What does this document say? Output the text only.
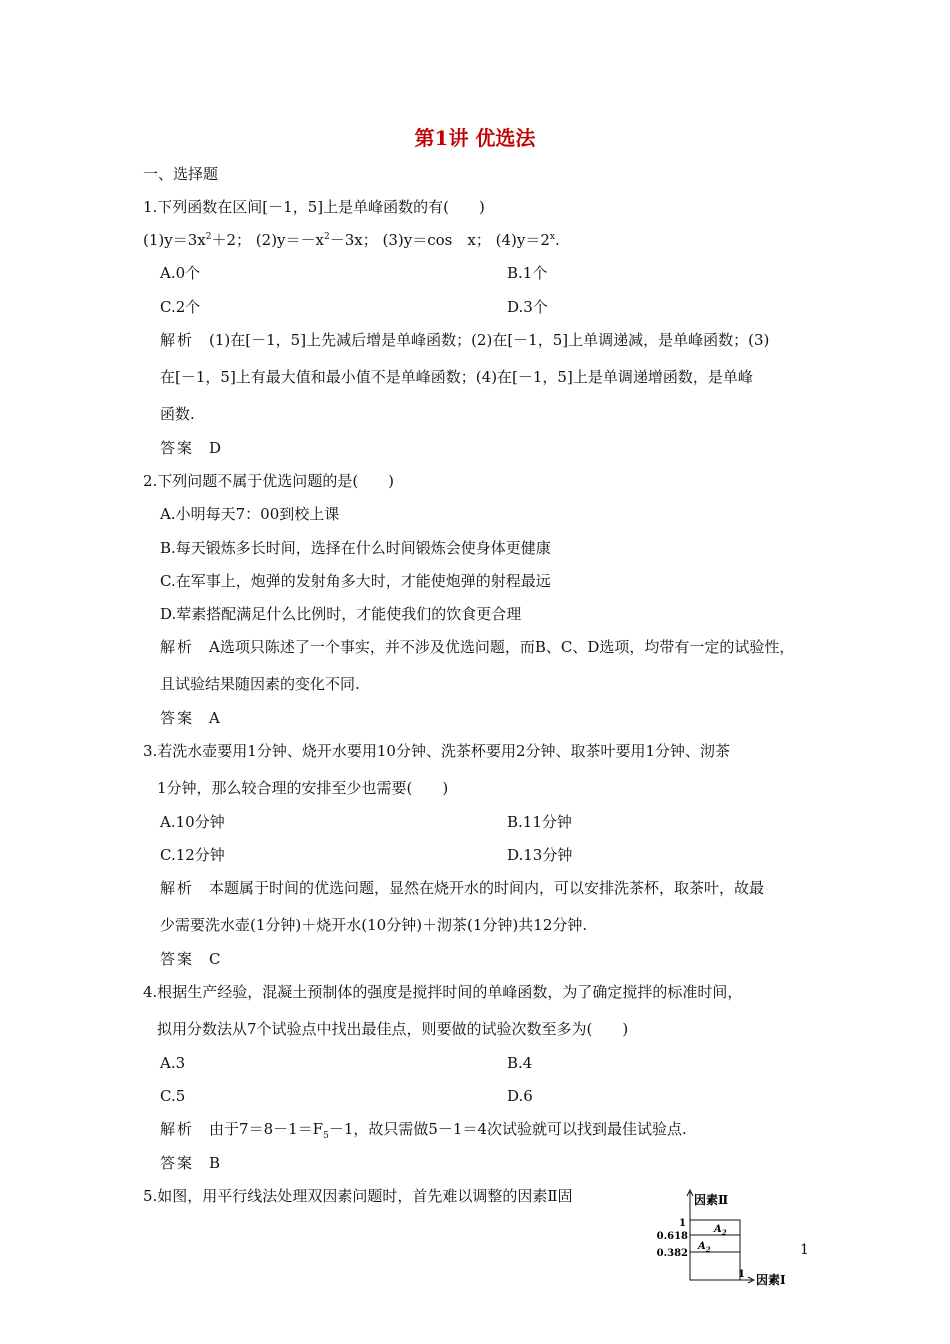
第1讲 优选法
一、选择题
1.下列函数在区间[－1，5]上是单峰函数的有(　　)
$(1)y=3x^2+2$； $(2)y=-x^2-3x$； (3)y＝cos　x； $(4)y=2^x$.
A.0个	B.1个
C.2个	D.3个
解析　 (1)在[－1，5]上先减后增是单峰函数；(2)在[－1，5]上单调递减，是单峰函数；(3)
在[－1，5]上有最大值和最小值不是单峰函数；(4)在[－1，5]上是单调递增函数，是单峰
函数.
答案　 D
2.下列问题不属于优选问题的是(　　)
A.小明每天7：00到校上课
B.每天锻炼多长时间，选择在什么时间锻炼会使身体更健康
C.在军事上，炮弹的发射角多大时，才能使炮弹的射程最远
D.荤素搭配满足什么比例时，才能使我们的饮食更合理
解析　 A选项只陈述了一个事实，并不涉及优选问题，而B、C、D选项，均带有一定的试验性，
且试验结果随因素的变化不同.
答案　 A
3.若洗水壶要用1分钟、烧开水要用10分钟、洗茶杯要用2分钟、取茶叶要用1分钟、沏茶
1分钟，那么较合理的安排至少也需要(　　)
A.10分钟	B.11分钟
C.12分钟	D.13分钟
解析　 本题属于时间的优选问题，显然在烧开水的时间内，可以安排洗茶杯，取茶叶，故最
少需要洗水壶(1分钟)＋烧开水(10分钟)＋沏茶(1分钟)共12分钟.
答案　 C
4.根据生产经验，混凝土预制体的强度是搅拌时间的单峰函数，为了确定搅拌的标准时间，
拟用分数法从7个试验点中找出最佳点，则要做的试验次数至多为(　　)
A.3	B.4
C.5	D.6
解析　 由于$7=8-1=F_5-1$，故只需做5－1＝4次试验就可以找到最佳试验点.
答案　 B
5.如图，用平行线法处理双因素问题时，首先难以调整的因素Ⅱ固	因素Ⅱ
因素Ⅰ
1
0.618
0.382
1
$A_2$
$A_2$	1
